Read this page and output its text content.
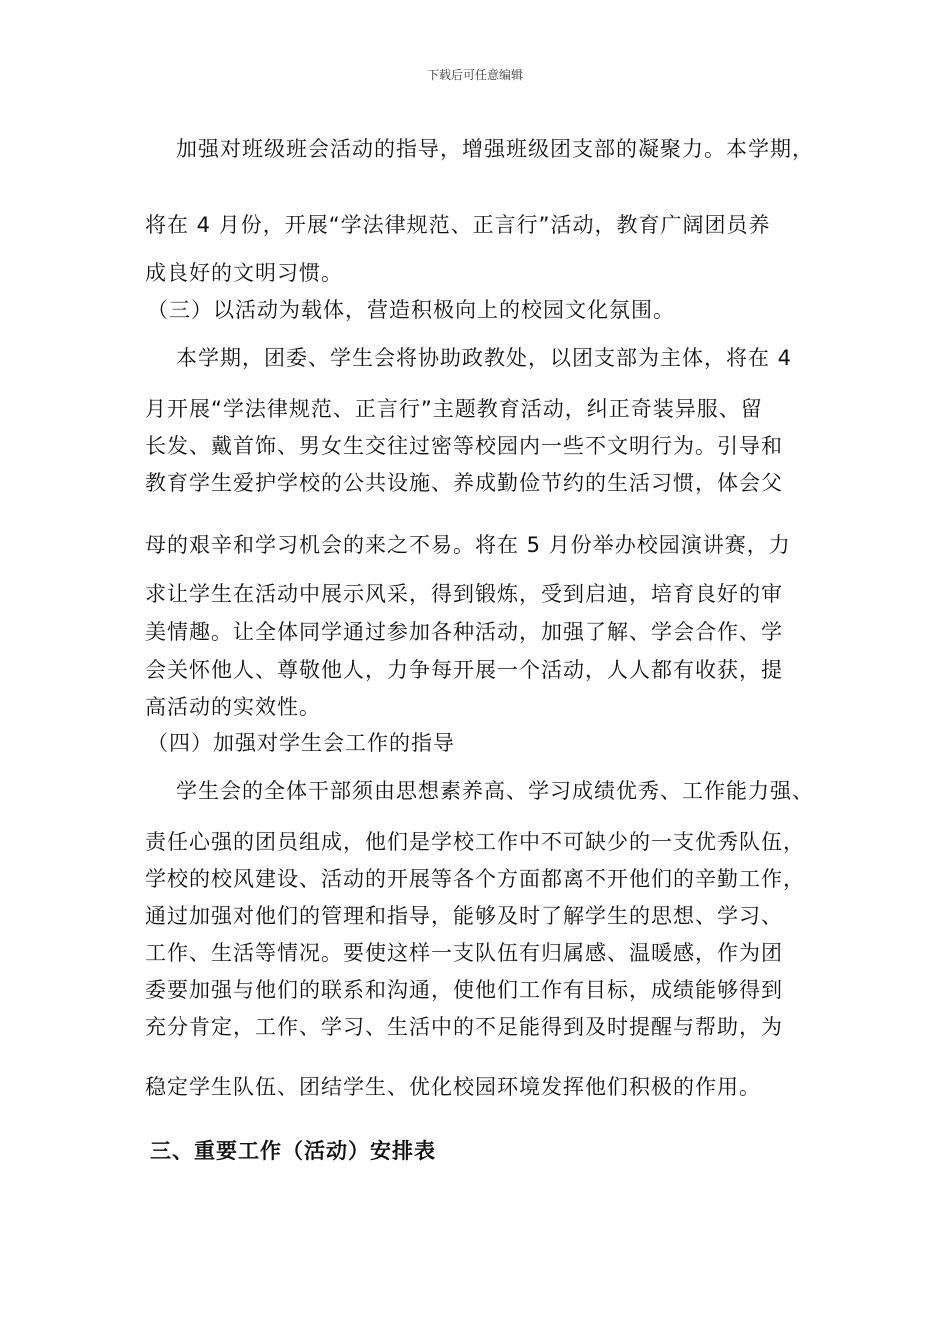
下载后可任意编辑
加强对班级班会活动的指导，增强班级团支部的凝聚力。本学期，
将在 4 月份，开展“学法律规范、正言行”活动，教育广阔团员养
成良好的文明习惯。
（三）以活动为载体，营造积极向上的校园文化氛围。
本学期，团委、学生会将协助政教处，以团支部为主体，将在 4
月开展“学法律规范、正言行”主题教育活动，纠正奇装异服、留
长发、戴首饰、男女生交往过密等校园内一些不文明行为。引导和
教育学生爱护学校的公共设施、养成勤俭节约的生活习惯，体会父
母的艰辛和学习机会的来之不易。将在 5 月份举办校园演讲赛，力
求让学生在活动中展示风采，得到锻炼，受到启迪，培育良好的审
美情趣。让全体同学通过参加各种活动，加强了解、学会合作、学
会关怀他人、尊敬他人，力争每开展一个活动，人人都有收获，提
高活动的实效性。
（四）加强对学生会工作的指导
学生会的全体干部须由思想素养高、学习成绩优秀、工作能力强、
责任心强的团员组成，他们是学校工作中不可缺少的一支优秀队伍，
学校的校风建设、活动的开展等各个方面都离不开他们的辛勤工作，
通过加强对他们的管理和指导，能够及时了解学生的思想、学习、
工作、生活等情况。要使这样一支队伍有归属感、温暖感，作为团
委要加强与他们的联系和沟通，使他们工作有目标，成绩能够得到
充分肯定，工作、学习、生活中的不足能得到及时提醒与帮助，为
稳定学生队伍、团结学生、优化校园环境发挥他们积极的作用。
三、重要工作（活动）安排表
